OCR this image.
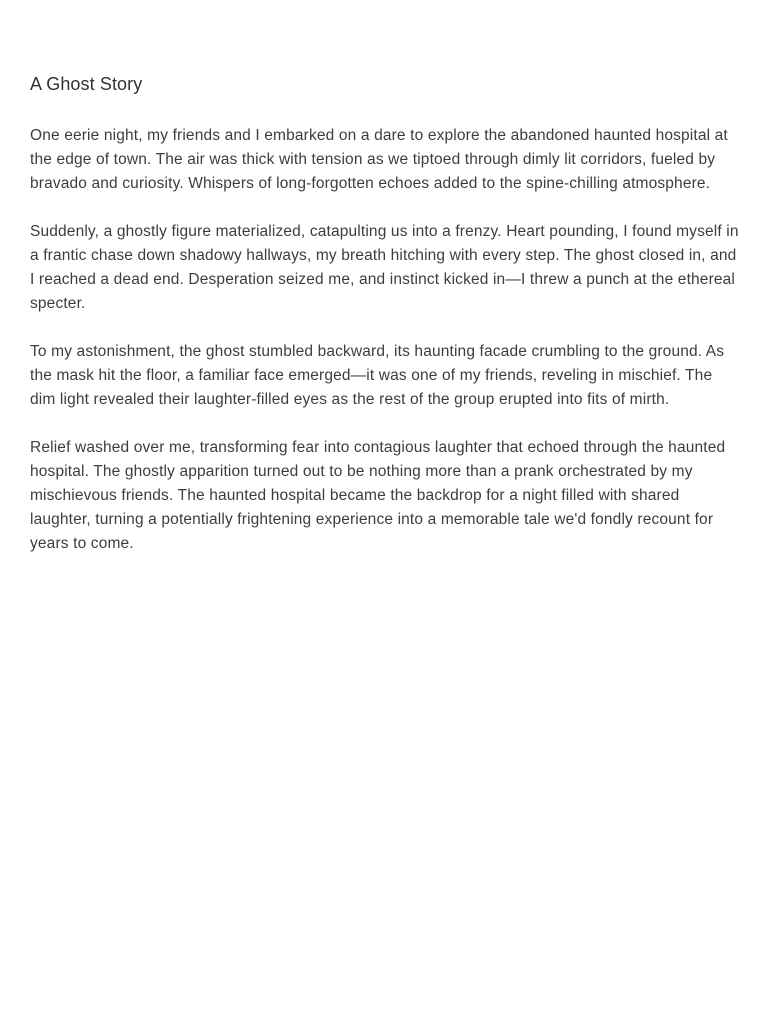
A Ghost Story

One eerie night, my friends and I embarked on a dare to explore the abandoned haunted hospital at the edge of town. The air was thick with tension as we tiptoed through dimly lit corridors, fueled by bravado and curiosity. Whispers of long-forgotten echoes added to the spine-chilling atmosphere.

Suddenly, a ghostly figure materialized, catapulting us into a frenzy. Heart pounding, I found myself in a frantic chase down shadowy hallways, my breath hitching with every step. The ghost closed in, and I reached a dead end. Desperation seized me, and instinct kicked in—I threw a punch at the ethereal specter.

To my astonishment, the ghost stumbled backward, its haunting facade crumbling to the ground. As the mask hit the floor, a familiar face emerged—it was one of my friends, reveling in mischief. The dim light revealed their laughter-filled eyes as the rest of the group erupted into fits of mirth.

Relief washed over me, transforming fear into contagious laughter that echoed through the haunted hospital. The ghostly apparition turned out to be nothing more than a prank orchestrated by my mischievous friends. The haunted hospital became the backdrop for a night filled with shared laughter, turning a potentially frightening experience into a memorable tale we'd fondly recount for years to come.
